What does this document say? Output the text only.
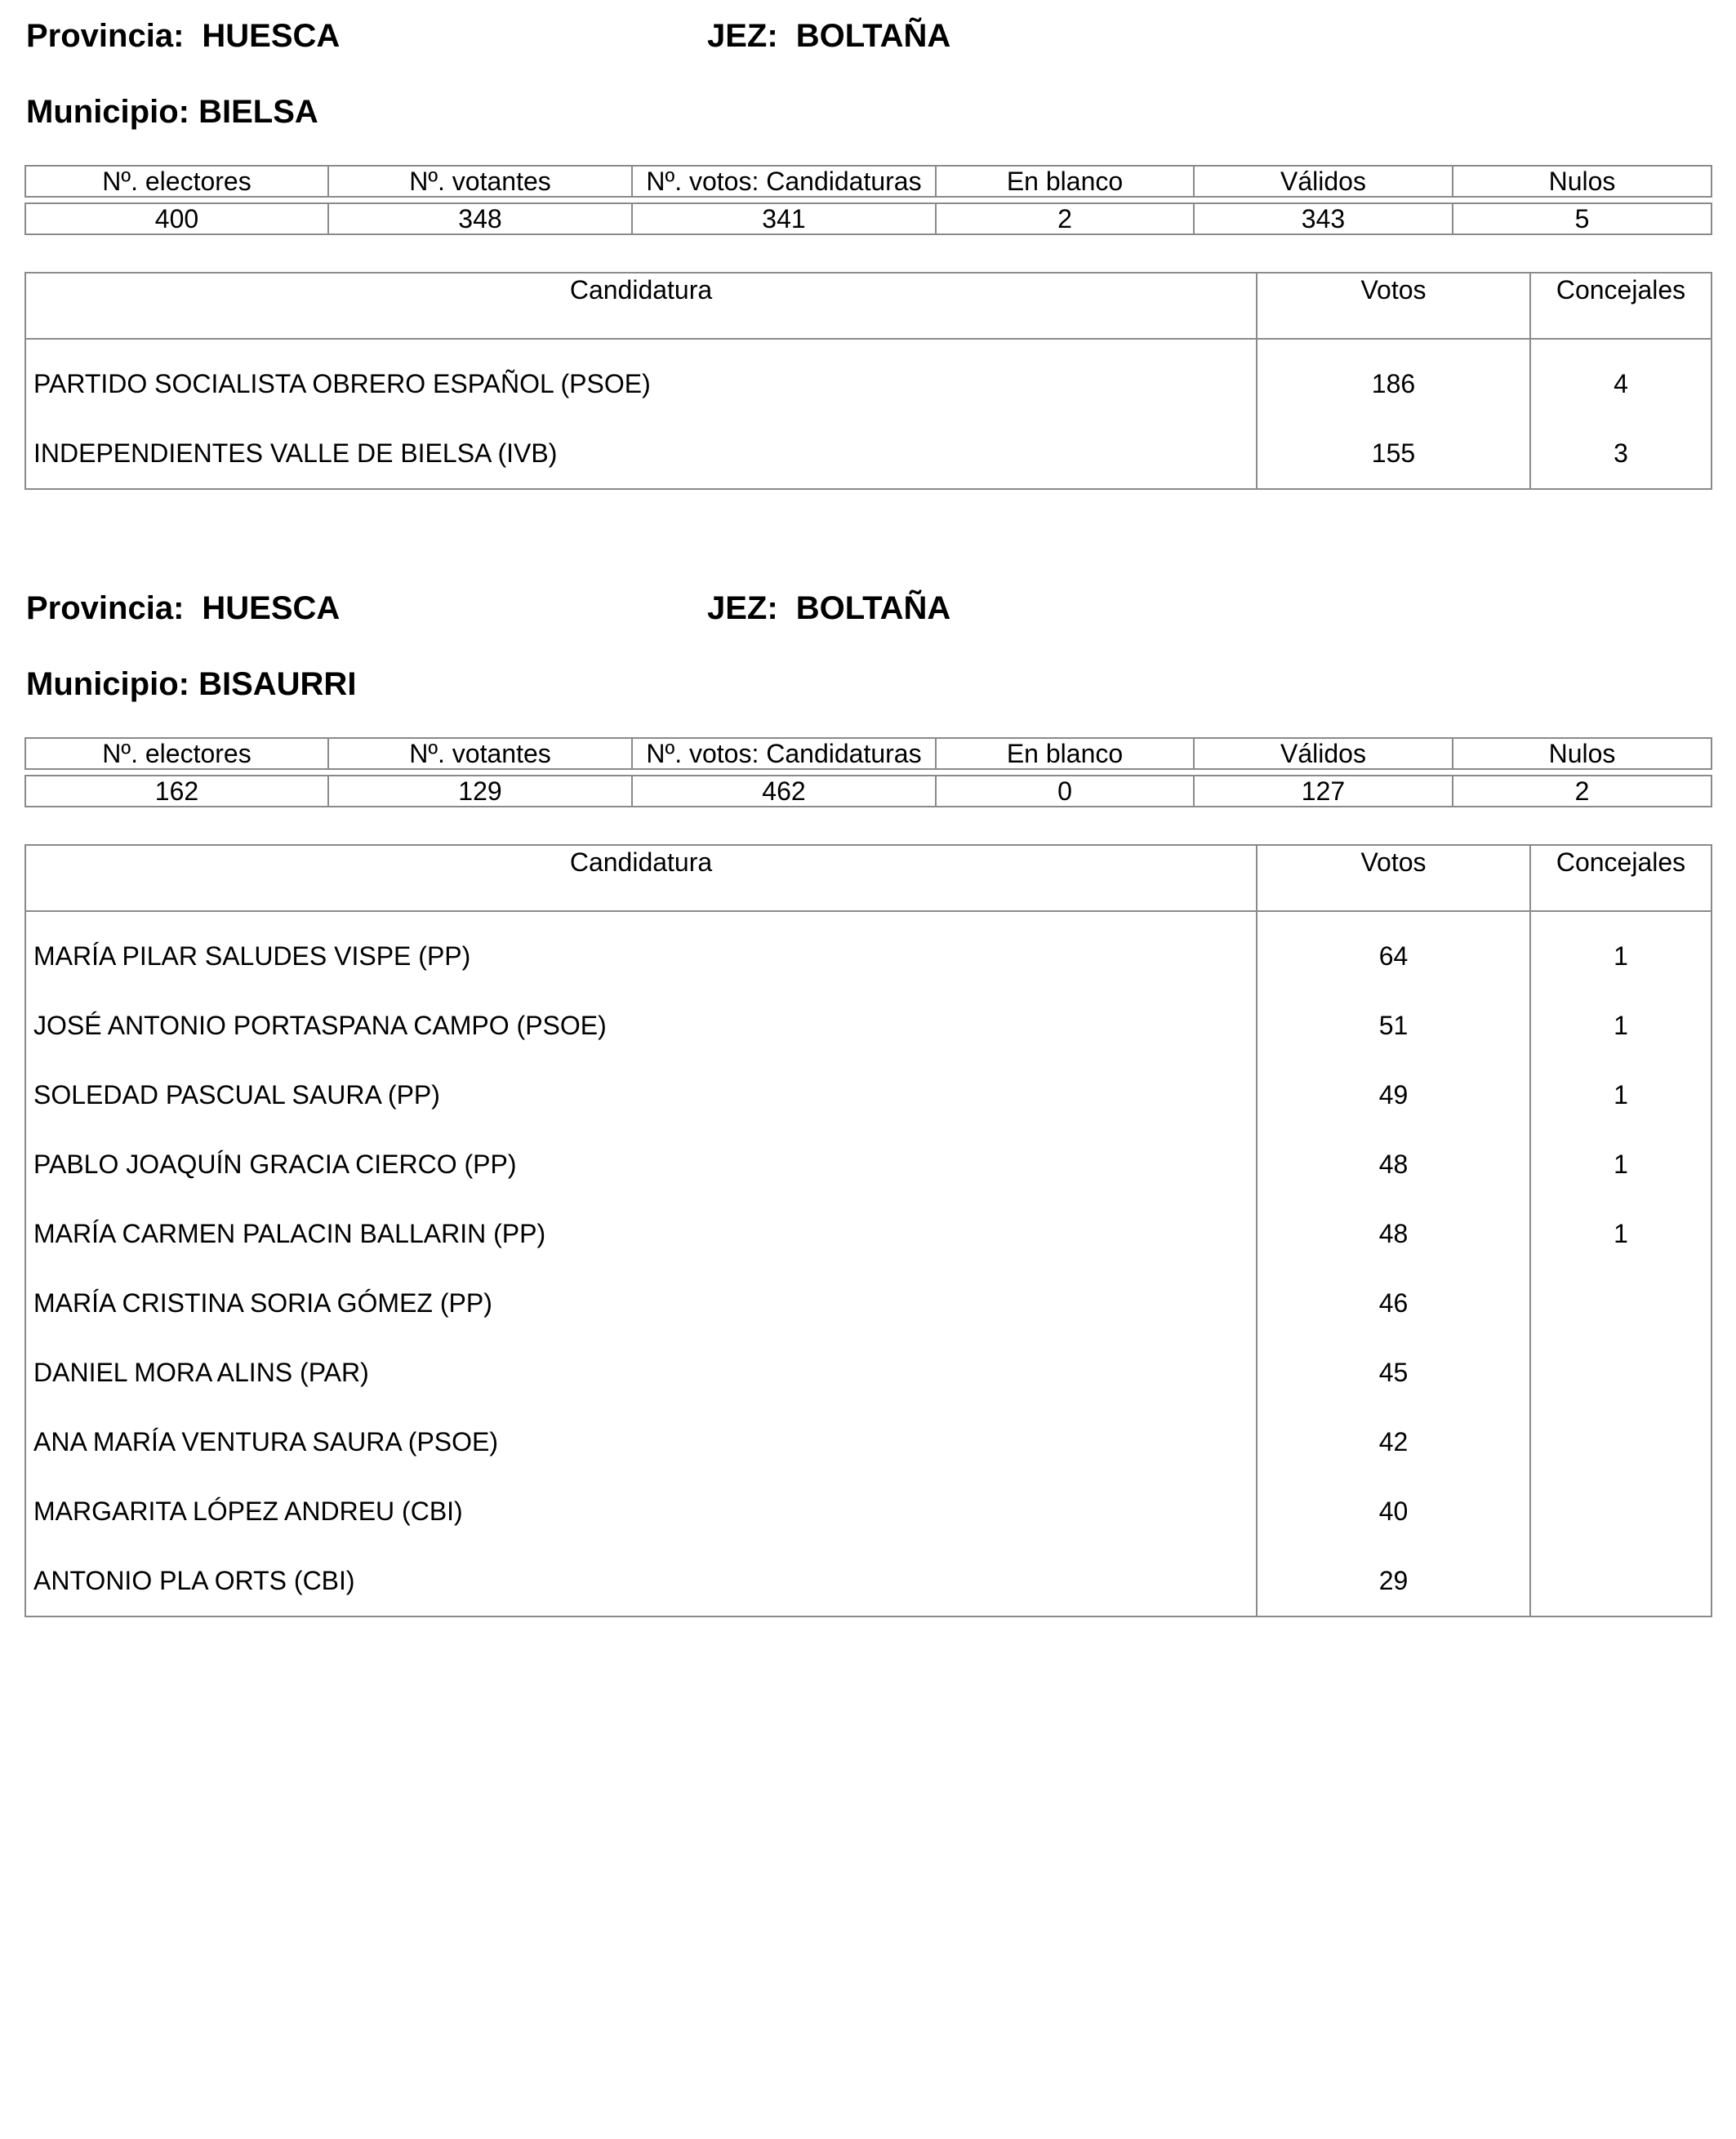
Provincia: HUESCA	JEZ: BOLTAÑA
Municipio: BIELSA
Nº. electores	Nº. votantes	Nº. votos: Candidaturas	En blanco	Válidos	Nulos

400	348	341	2	343	5
Candidatura	Votos	Concejales
PARTIDO SOCIALISTA OBRERO ESPAÑOL (PSOE)	186	4
INDEPENDIENTES VALLE DE BIELSA (IVB)	155	3
Provincia: HUESCA	JEZ: BOLTAÑA
Municipio: BISAURRI
Nº. electores	Nº. votantes	Nº. votos: Candidaturas	En blanco	Válidos	Nulos

162	129	462	0	127	2
Candidatura	Votos	Concejales
MARÍA PILAR SALUDES VISPE (PP)	64	1
JOSÉ ANTONIO PORTASPANA CAMPO (PSOE)	51	1
SOLEDAD PASCUAL SAURA (PP)	49	1
PABLO JOAQUÍN GRACIA CIERCO (PP)	48	1
MARÍA CARMEN PALACIN BALLARIN (PP)	48	1
MARÍA CRISTINA SORIA GÓMEZ (PP)	46	
DANIEL MORA ALINS (PAR)	45	
ANA MARÍA VENTURA SAURA (PSOE)	42	
MARGARITA LÓPEZ ANDREU (CBI)	40	
ANTONIO PLA ORTS (CBI)	29	
